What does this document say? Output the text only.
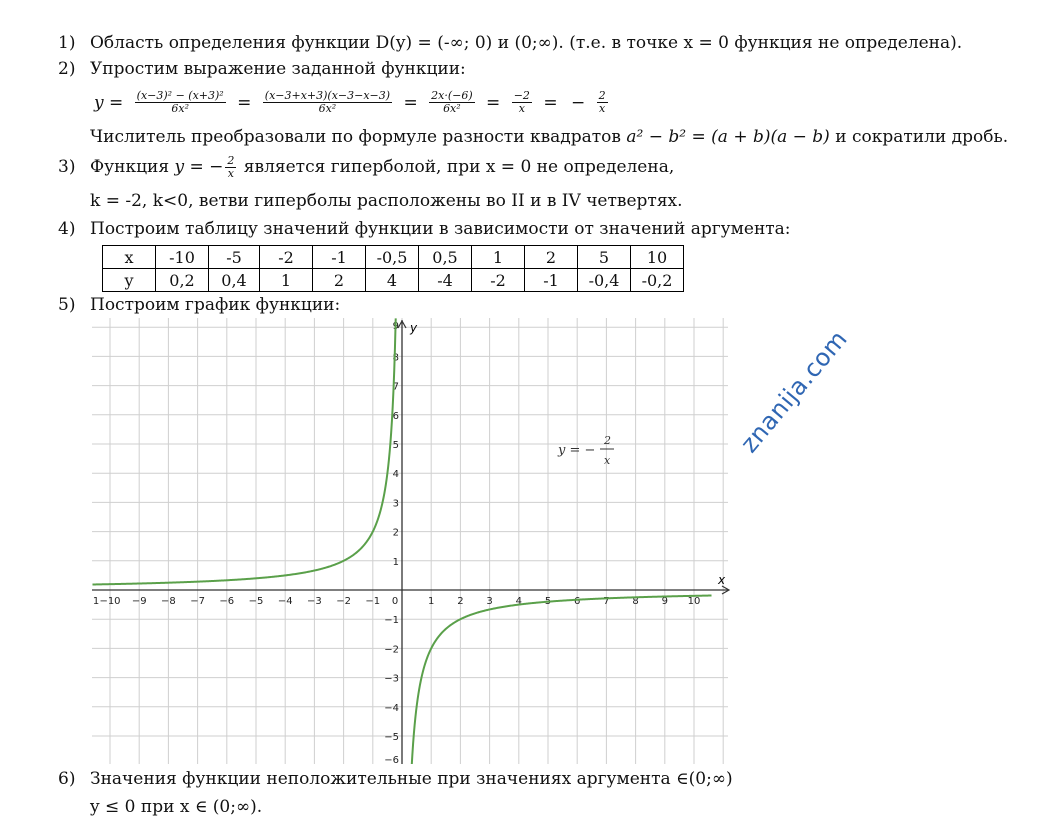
1) Область определения функции D(y) = (-∞; 0) и (0;∞). (т.е. в точке x = 0 функция не определена).
2) Упростим выражение заданной функции:
$y = \frac{\text{(x−3)² − (x+3)²}}{\text{6x²}} = \frac{(x-3+x+3)(x-3-x-3)}{\text{6x²}} = \frac{2x\cdot(-6)}{\text{6x²}} = \frac{-2}{x}$ = − $\frac{2}{x}$
Числитель преобразовали по формуле разности квадратов a² − b² = (a + b)(a − b) и сократили дробь.
3) Функция y = − $\frac{2}{x}$ является гиперболой, при x = 0 не определена,
k = -2, k<0, ветви гиперболы расположены во II и в IV четвертях.
4) Построим таблицу значений функции в зависимости от значений аргумента:
x	-10	-5	-2	-1	-0,5	0,5	1	2	5	10
y	0,2	0,4	1	2	4	-4	-2	-1	-0,4	-0,2
5) Построим график функции:
x
y
1 −10 −9 −8 −7 −6 −5 −4 −3 −2 −1 0	1 2 3 4 5 6 7 8 9 10
9
8
7
6
5
4
3
2
1
−1
−2
−3
−4
−5
−6
y = −
2
x
znanija.com
6) Значения функции неположительные при значениях аргумента ∈(0;∞)
y ≤ 0 при x ∈ (0;∞).
